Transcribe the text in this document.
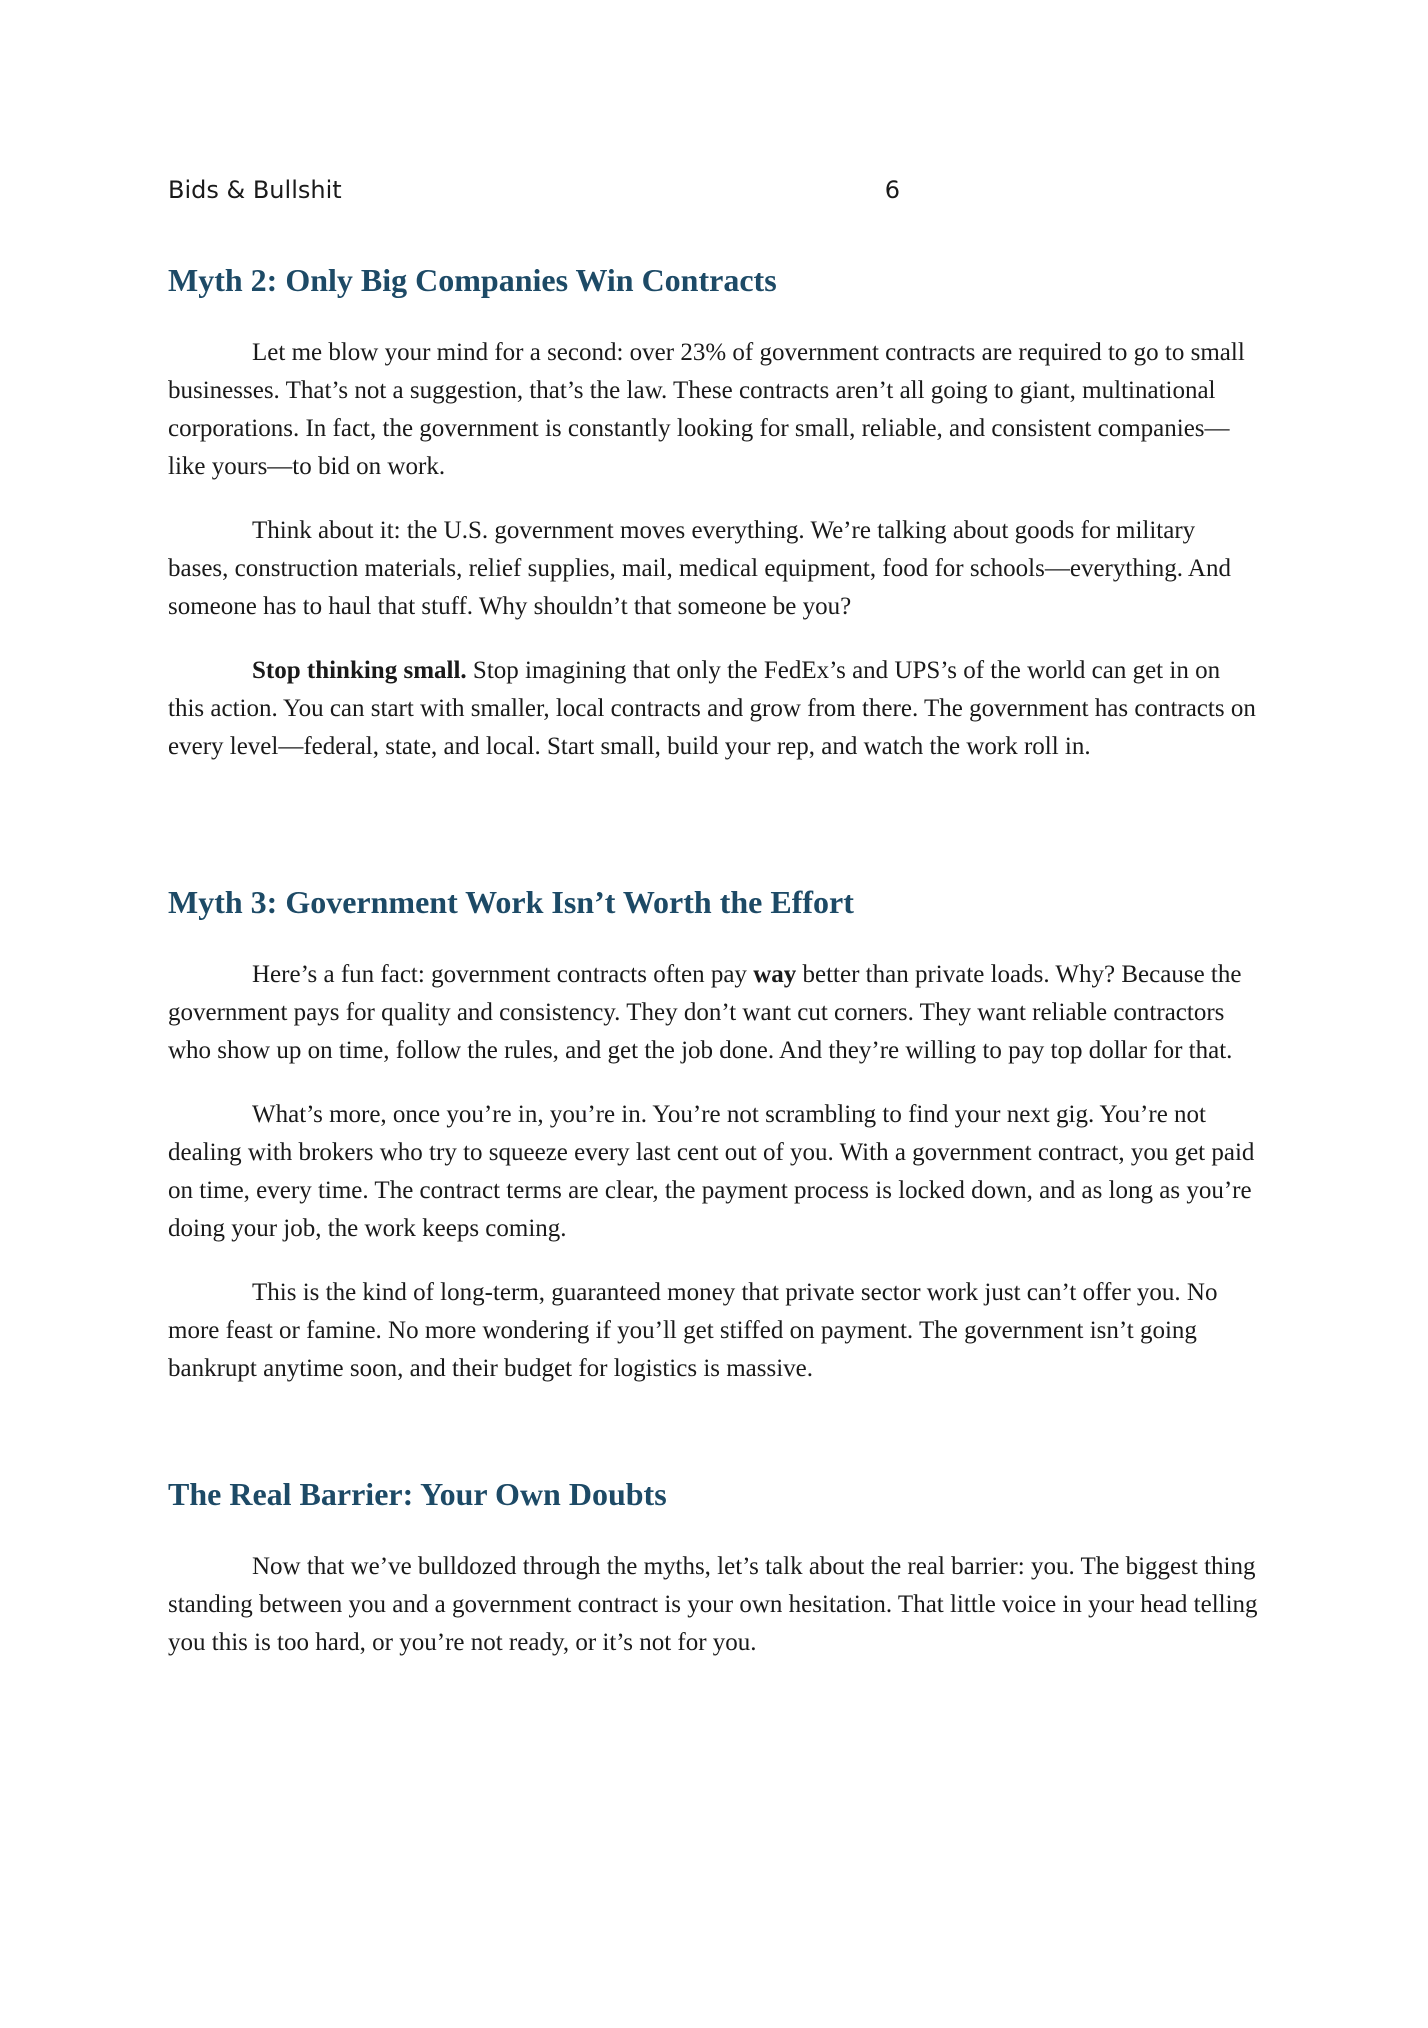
Bids & Bullshit	6
Myth 2: Only Big Companies Win Contracts

Let me blow your mind for a second: over 23% of government contracts are required to go to small businesses. That’s not a suggestion, that’s the law. These contracts aren’t all going to giant, multinational corporations. In fact, the government is constantly looking for small, reliable, and consistent companies—like yours—to bid on work.

Think about it: the U.S. government moves everything. We’re talking about goods for military bases, construction materials, relief supplies, mail, medical equipment, food for schools—everything. And someone has to haul that stuff. Why shouldn’t that someone be you?

Stop thinking small. Stop imagining that only the FedEx’s and UPS’s of the world can get in on this action. You can start with smaller, local contracts and grow from there. The government has contracts on every level—federal, state, and local. Start small, build your rep, and watch the work roll in.

Myth 3: Government Work Isn’t Worth the Effort

Here’s a fun fact: government contracts often pay way better than private loads. Why? Because the government pays for quality and consistency. They don’t want cut corners. They want reliable contractors who show up on time, follow the rules, and get the job done. And they’re willing to pay top dollar for that.

What’s more, once you’re in, you’re in. You’re not scrambling to find your next gig. You’re not dealing with brokers who try to squeeze every last cent out of you. With a government contract, you get paid on time, every time. The contract terms are clear, the payment process is locked down, and as long as you’re doing your job, the work keeps coming.

This is the kind of long-term, guaranteed money that private sector work just can’t offer you. No more feast or famine. No more wondering if you’ll get stiffed on payment. The government isn’t going bankrupt anytime soon, and their budget for logistics is massive.

The Real Barrier: Your Own Doubts

Now that we’ve bulldozed through the myths, let’s talk about the real barrier: you. The biggest thing standing between you and a government contract is your own hesitation. That little voice in your head telling you this is too hard, or you’re not ready, or it’s not for you.
